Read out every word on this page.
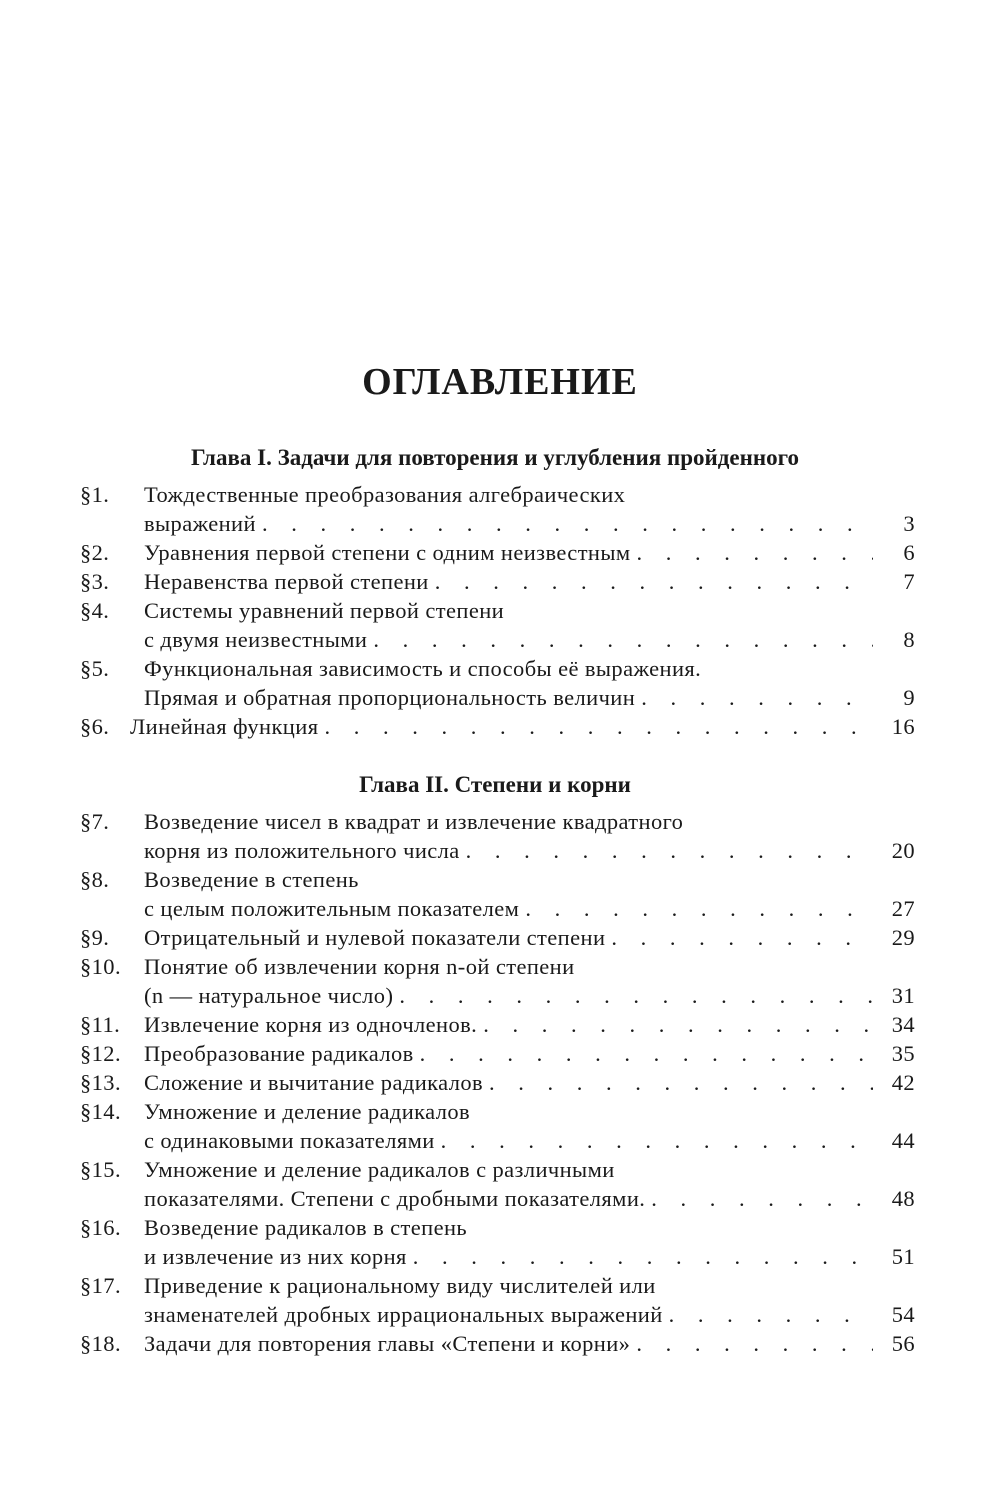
ОГЛАВЛЕНИЕ
Глава I. Задачи для повторения и углубления пройденного
§1. Тождественные преобразования алгебраических
выражений . . .	3
§2. Уравнения первой степени с одним неизвестным . . .	6
§3. Неравенства первой степени . . .	7
§4. Системы уравнений первой степени
с двумя неизвестными . . .	8
§5. Функциональная зависимость и способы её выражения.
Прямая и обратная пропорциональность величин . . .	9
§6. Линейная функция . . .	16
Глава II. Степени и корни
§7. Возведение чисел в квадрат и извлечение квадратного
корня из положительного числа . . .	20
§8. Возведение в степень
с целым положительным показателем . . .	27
§9. Отрицательный и нулевой показатели степени . . .	29
§10. Понятие об извлечении корня n-ой степени
(n — натуральное число) . . .	31
§11. Извлечение корня из одночленов. . . .	34
§12. Преобразование радикалов . . .	35
§13. Сложение и вычитание радикалов . . .	42
§14. Умножение и деление радикалов
с одинаковыми показателями . . .	44
§15. Умножение и деление радикалов с различными
показателями. Степени с дробными показателями. . . .	48
§16. Возведение радикалов в степень
и извлечение из них корня . . .	51
§17. Приведение к рациональному виду числителей или
знаменателей дробных иррациональных выражений . . .	54
§18. Задачи для повторения главы «Степени и корни» . . .	56
